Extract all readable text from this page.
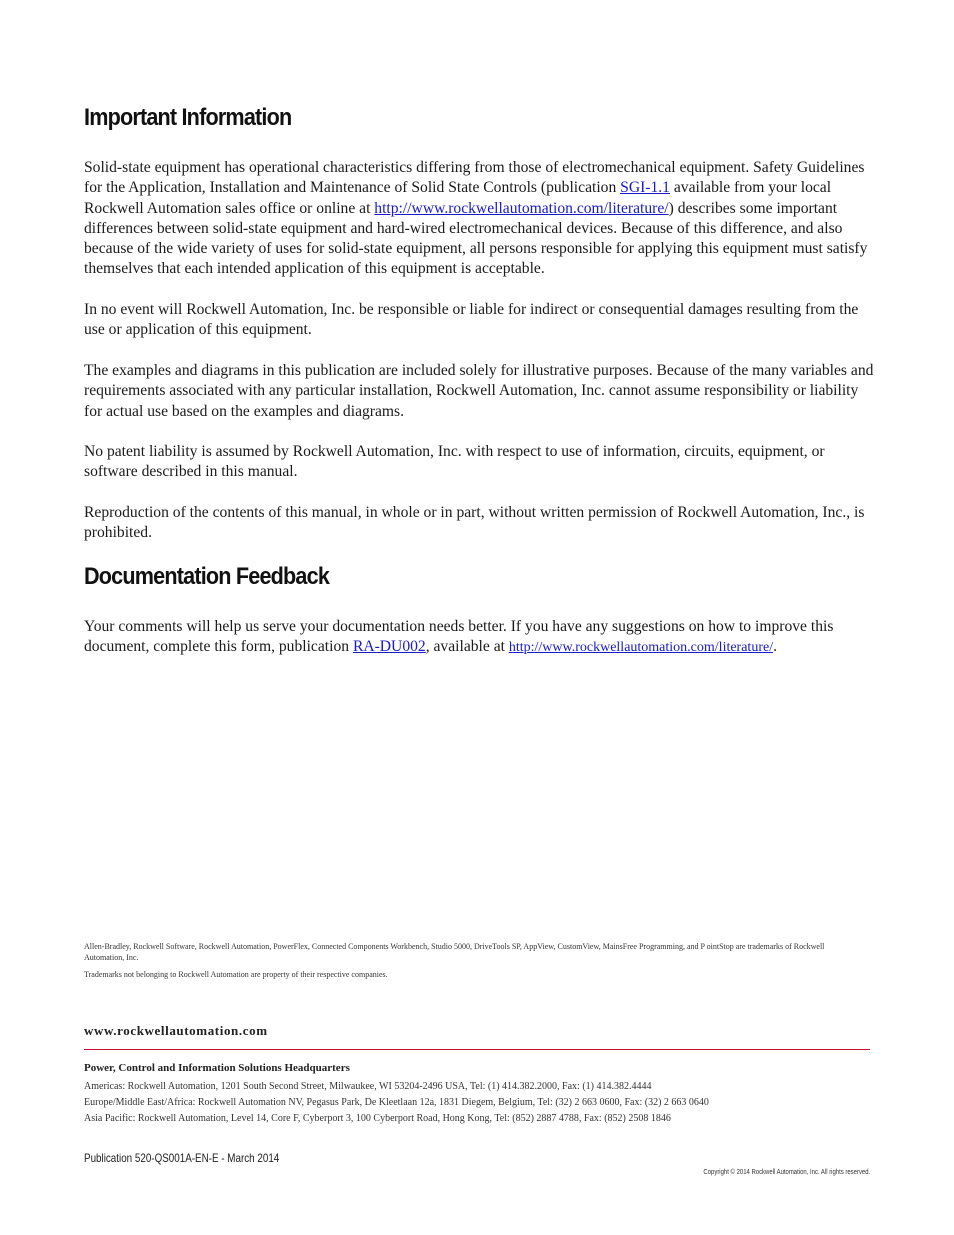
Important Information

Solid-state equipment has operational characteristics differing from those of electromechanical equipment. Safety Guidelines for the Application, Installation and Maintenance of Solid State Controls (publication SGI-1.1 available from your local Rockwell Automation sales office or online at http://www.rockwellautomation.com/literature/) describes some important differences between solid-state equipment and hard-wired electromechanical devices. Because of this difference, and also because of the wide variety of uses for solid-state equipment, all persons responsible for applying this equipment must satisfy themselves that each intended application of this equipment is acceptable.

In no event will Rockwell Automation, Inc. be responsible or liable for indirect or consequential damages resulting from the use or application of this equipment.

The examples and diagrams in this publication are included solely for illustrative purposes. Because of the many variables and requirements associated with any particular installation, Rockwell Automation, Inc. cannot assume responsibility or liability for actual use based on the examples and diagrams.

No patent liability is assumed by Rockwell Automation, Inc. with respect to use of information, circuits, equipment, or software described in this manual.

Reproduction of the contents of this manual, in whole or in part, without written permission of Rockwell Automation, Inc., is prohibited.

Documentation Feedback

Your comments will help us serve your documentation needs better. If you have any suggestions on how to improve this document, complete this form, publication RA-DU002, available at http://www.rockwellautomation.com/literature/.

Allen-Bradley, Rockwell Software, Rockwell Automation, PowerFlex, Connected Components Workbench, Studio 5000, DriveTools SP, AppView, CustomView, MainsFree Programming, and P ointStop are trademarks of Rockwell Automation, Inc.

Trademarks not belonging to Rockwell Automation are property of their respective companies.

www.rockwellautomation.com

Power, Control and Information Solutions Headquarters

Americas: Rockwell Automation, 1201 South Second Street, Milwaukee, WI 53204-2496 USA, Tel: (1) 414.382.2000, Fax: (1) 414.382.4444

Europe/Middle East/Africa: Rockwell Automation NV, Pegasus Park, De Kleetlaan 12a, 1831 Diegem, Belgium, Tel: (32) 2 663 0600, Fax: (32) 2 663 0640

Asia Pacific: Rockwell Automation, Level 14, Core F, Cyberport 3, 100 Cyberport Road, Hong Kong, Tel: (852) 2887 4788, Fax: (852) 2508 1846

Publication 520-QS001A-EN-E - March 2014

Copyright © 2014 Rockwell Automation, Inc. All rights reserved.
